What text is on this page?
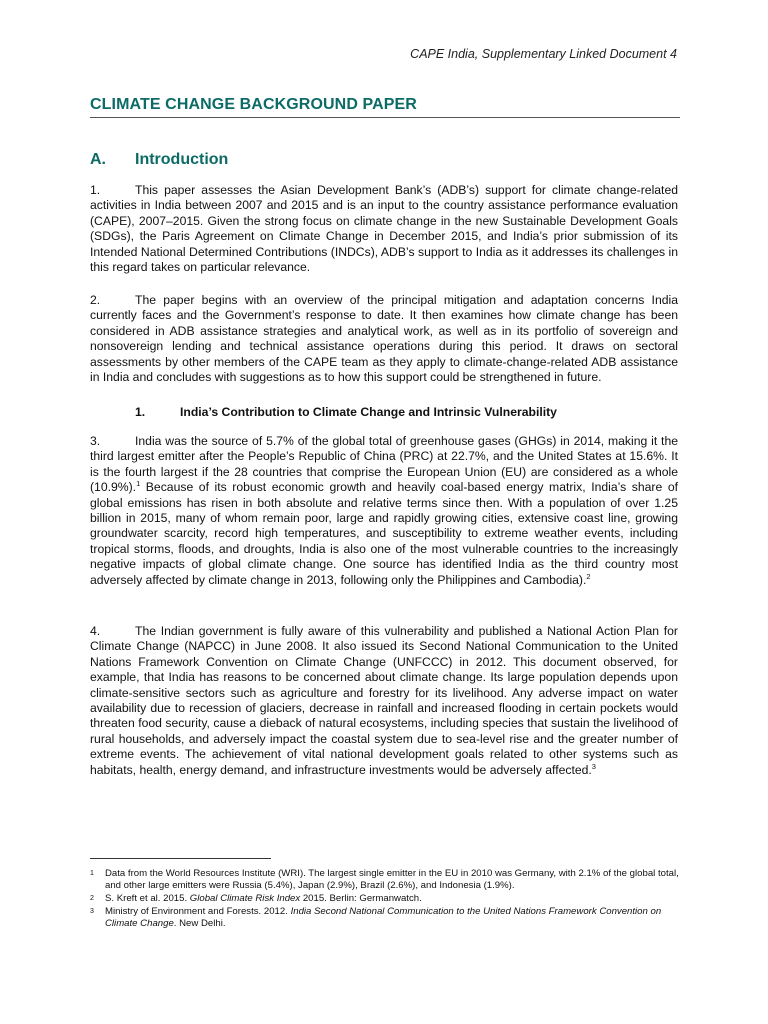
CAPE India, Supplementary Linked Document 4
CLIMATE CHANGE BACKGROUND PAPER
A. Introduction

1.	This paper assesses the Asian Development Bank’s (ADB’s) support for climate change-related activities in India between 2007 and 2015 and is an input to the country assistance performance evaluation (CAPE), 2007–2015. Given the strong focus on climate change in the new Sustainable Development Goals (SDGs), the Paris Agreement on Climate Change in December 2015, and India’s prior submission of its Intended National Determined Contributions (INDCs), ADB’s support to India as it addresses its challenges in this regard takes on particular relevance.

2.	The paper begins with an overview of the principal mitigation and adaptation concerns India currently faces and the Government’s response to date. It then examines how climate change has been considered in ADB assistance strategies and analytical work, as well as in its portfolio of sovereign and nonsovereign lending and technical assistance operations during this period. It draws on sectoral assessments by other members of the CAPE team as they apply to climate-change-related ADB assistance in India and concludes with suggestions as to how this support could be strengthened in future.

1.	India’s Contribution to Climate Change and Intrinsic Vulnerability

3.	India was the source of 5.7% of the global total of greenhouse gases (GHGs) in 2014, making it the third largest emitter after the People’s Republic of China (PRC) at 22.7%, and the United States at 15.6%. It is the fourth largest if the 28 countries that comprise the European Union (EU) are considered as a whole (10.9%).$^1$ Because of its robust economic growth and heavily coal-based energy matrix, India’s share of global emissions has risen in both absolute and relative terms since then. With a population of over 1.25 billion in 2015, many of whom remain poor, large and rapidly growing cities, extensive coast line, growing groundwater scarcity, record high temperatures, and susceptibility to extreme weather events, including tropical storms, floods, and droughts, India is also one of the most vulnerable countries to the increasingly negative impacts of global climate change. One source has identified India as the third country most adversely affected by climate change in 2013, following only the Philippines and Cambodia).$^2$

4.	The Indian government is fully aware of this vulnerability and published a National Action Plan for Climate Change (NAPCC) in June 2008. It also issued its Second National Communication to the United Nations Framework Convention on Climate Change (UNFCCC) in 2012. This document observed, for example, that India has reasons to be concerned about climate change. Its large population depends upon climate-sensitive sectors such as agriculture and forestry for its livelihood. Any adverse impact on water availability due to recession of glaciers, decrease in rainfall and increased flooding in certain pockets would threaten food security, cause a dieback of natural ecosystems, including species that sustain the livelihood of rural households, and adversely impact the coastal system due to sea-level rise and the greater number of extreme events. The achievement of vital national development goals related to other systems such as habitats, health, energy demand, and infrastructure investments would be adversely affected.$^3$

1 Data from the World Resources Institute (WRI). The largest single emitter in the EU in 2010 was Germany, with 2.1% of the global total, and other large emitters were Russia (5.4%), Japan (2.9%), Brazil (2.6%), and Indonesia (1.9%).
2 S. Kreft et al. 2015. Global Climate Risk Index 2015. Berlin: Germanwatch.
3 Ministry of Environment and Forests. 2012. India Second National Communication to the United Nations Framework Convention on Climate Change. New Delhi.
